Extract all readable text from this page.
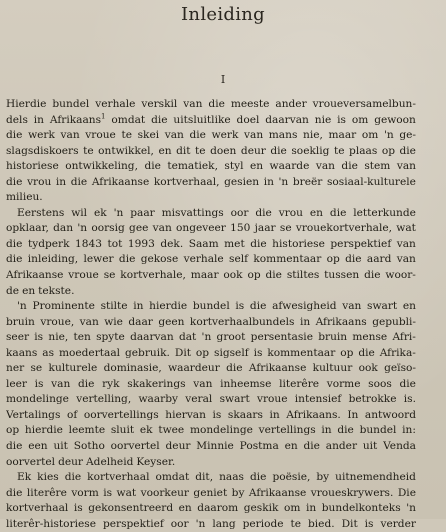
Inleiding
I
Hierdie bundel verhale verskil van die meeste ander vroueversamelbun-
dels in Afrikaans$^1$ omdat die uitsluitlike doel daarvan nie is om gewoon
die werk van vroue te skei van die werk van mans nie, maar om 'n ge-
slagsdiskoers te ontwikkel, en dit te doen deur die soeklig te plaas op die
historiese ontwikkeling, die tematiek, styl en waarde van die stem van
die vrou in die Afrikaanse kortverhaal, gesien in 'n breër sosiaal-kulturele
milieu.
Eerstens wil ek 'n paar misvattings oor die vrou en die letterkunde
opklaar, dan 'n oorsig gee van ongeveer 150 jaar se vrouekortverhale, wat
die tydperk 1843 tot 1993 dek. Saam met die historiese perspektief van
die inleiding, lewer die gekose verhale self kommentaar op die aard van
Afrikaanse vroue se kortverhale, maar ook op die stiltes tussen die woor-
de en tekste.
'n Prominente stilte in hierdie bundel is die afwesigheid van swart en
bruin vroue, van wie daar geen kortverhaalbundels in Afrikaans gepubli-
seer is nie, ten spyte daarvan dat 'n groot persentasie bruin mense Afri-
kaans as moedertaal gebruik. Dit op sigself is kommentaar op die Afrika-
ner se kulturele dominasie, waardeur die Afrikaanse kultuur ook geïso-
leer is van die ryk skakerings van inheemse literêre vorme soos die
mondelinge vertelling, waarby veral swart vroue intensief betrokke is.
Vertalings of oorvertellings hiervan is skaars in Afrikaans. In antwoord
op hierdie leemte sluit ek twee mondelinge vertellings in die bundel in:
die een uit Sotho oorvertel deur Minnie Postma en die ander uit Venda
oorvertel deur Adelheid Keyser.
Ek kies die kortverhaal omdat dit, naas die poësie, by uitnemendheid
die literêre vorm is wat voorkeur geniet by Afrikaanse vroueskrywers. Die
kortverhaal is gekonsentreerd en daarom geskik om in bundelkonteks 'n
literêr-historiese perspektief oor 'n lang periode te bied. Dit is verder
